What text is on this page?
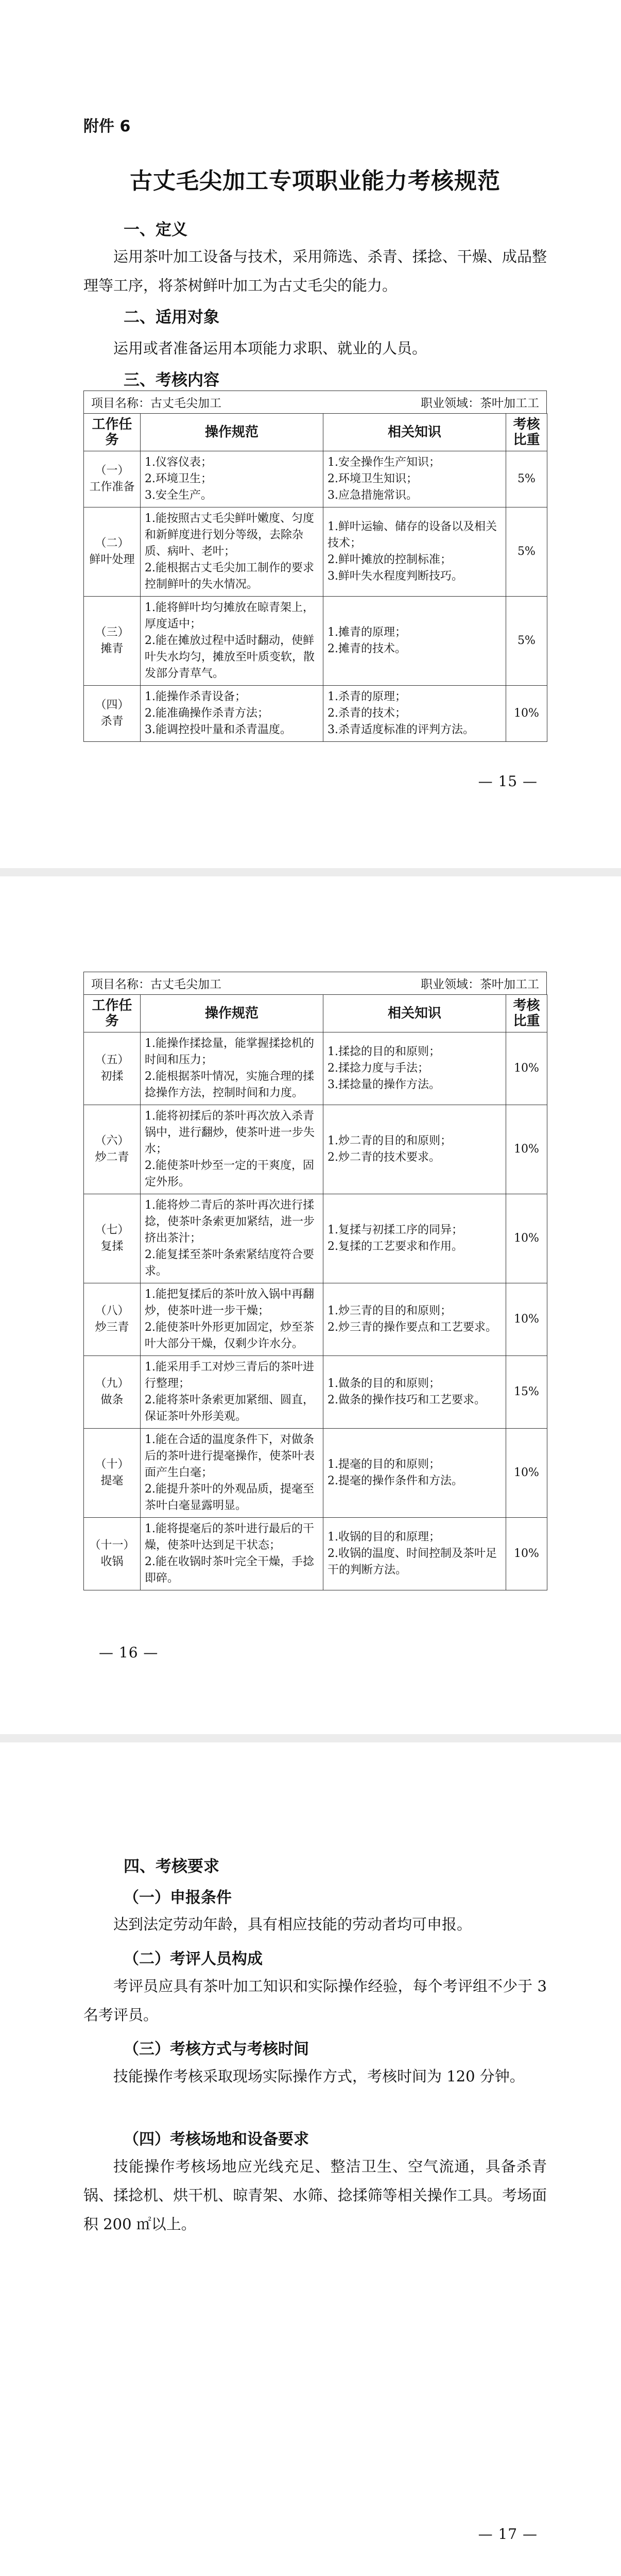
附件 6
古丈毛尖加工专项职业能力考核规范
一、定义
运用茶叶加工设备与技术，采用筛选、杀青、揉捻、干燥、成品整理等工序，将茶树鲜叶加工为古丈毛尖的能力。
二、适用对象
运用或者准备运用本项能力求职、就业的人员。
三、考核内容
项目名称：古丈毛尖加工	职业领域：茶叶加工工
工作任务	操作规范	相关知识	考核比重

（一）
工作准备	1.仪容仪表；
2.环境卫生；
3.安全生产。	1.安全操作生产知识；
2.环境卫生知识；
3.应急措施常识。	5%

（二）
鲜叶处理	1.能按照古丈毛尖鲜叶嫩度、匀度和新鲜度进行划分等级，去除杂质、病叶、老叶；
2.能根据古丈毛尖加工制作的要求控制鲜叶的失水情况。	1.鲜叶运输、储存的设备以及相关技术；
2.鲜叶摊放的控制标准；
3.鲜叶失水程度判断技巧。	5%

（三）
摊青	1.能将鲜叶均匀摊放在晾青架上，厚度适中；
2.能在摊放过程中适时翻动，使鲜叶失水均匀，摊放至叶质变软，散发部分青草气。	1.摊青的原理；
2.摊青的技术。	5%

（四）
杀青	1.能操作杀青设备；
2.能准确操作杀青方法；
3.能调控投叶量和杀青温度。	1.杀青的原理；
2.杀青的技术；
3.杀青适度标准的评判方法。	10%
— 15 —
项目名称：古丈毛尖加工	职业领域：茶叶加工工
工作任务	操作规范	相关知识	考核比重

（五）
初揉	1.能操作揉捻量，能掌握揉捻机的时间和压力；
2.能根据茶叶情况，实施合理的揉捻操作方法，控制时间和力度。	1.揉捻的目的和原则；
2.揉捻力度与手法；
3.揉捻量的操作方法。	10%

（六）
炒二青	1.能将初揉后的茶叶再次放入杀青锅中，进行翻炒，使茶叶进一步失水；
2.能使茶叶炒至一定的干爽度，固定外形。	1.炒二青的目的和原则；
2.炒二青的技术要求。	10%

（七）
复揉	1.能将炒二青后的茶叶再次进行揉捻，使茶叶条索更加紧结，进一步挤出茶汁；
2.能复揉至茶叶条索紧结度符合要求。	1.复揉与初揉工序的同异；
2.复揉的工艺要求和作用。	10%

（八）
炒三青	1.能把复揉后的茶叶放入锅中再翻炒，使茶叶进一步干燥；
2.能使茶叶外形更加固定，炒至茶叶大部分干燥，仅剩少许水分。	1.炒三青的目的和原则；
2.炒三青的操作要点和工艺要求。	10%

（九）
做条	1.能采用手工对炒三青后的茶叶进行整理；
2.能将茶叶条索更加紧细、圆直，保证茶叶外形美观。	1.做条的目的和原则；
2.做条的操作技巧和工艺要求。	15%

（十）
提毫	1.能在合适的温度条件下，对做条后的茶叶进行提毫操作，使茶叶表面产生白毫；
2.能提升茶叶的外观品质，提毫至茶叶白毫显露明显。	1.提毫的目的和原则；
2.提毫的操作条件和方法。	10%

（十一）
收锅	1.能将提毫后的茶叶进行最后的干燥，使茶叶达到足干状态；
2.能在收锅时茶叶完全干燥，手捻即碎。	1.收锅的目的和原理；
2.收锅的温度、时间控制及茶叶足干的判断方法。	10%
— 16 —
四、考核要求
（一）申报条件
达到法定劳动年龄，具有相应技能的劳动者均可申报。
（二）考评人员构成
考评员应具有茶叶加工知识和实际操作经验，每个考评组不少于 3 名考评员。
（三）考核方式与考核时间
技能操作考核采取现场实际操作方式，考核时间为 120 分钟。
（四）考核场地和设备要求
技能操作考核场地应光线充足、整洁卫生、空气流通，具备杀青锅、揉捻机、烘干机、晾青架、水筛、捻揉筛等相关操作工具。考场面积 200 ㎡以上。
— 17 —
